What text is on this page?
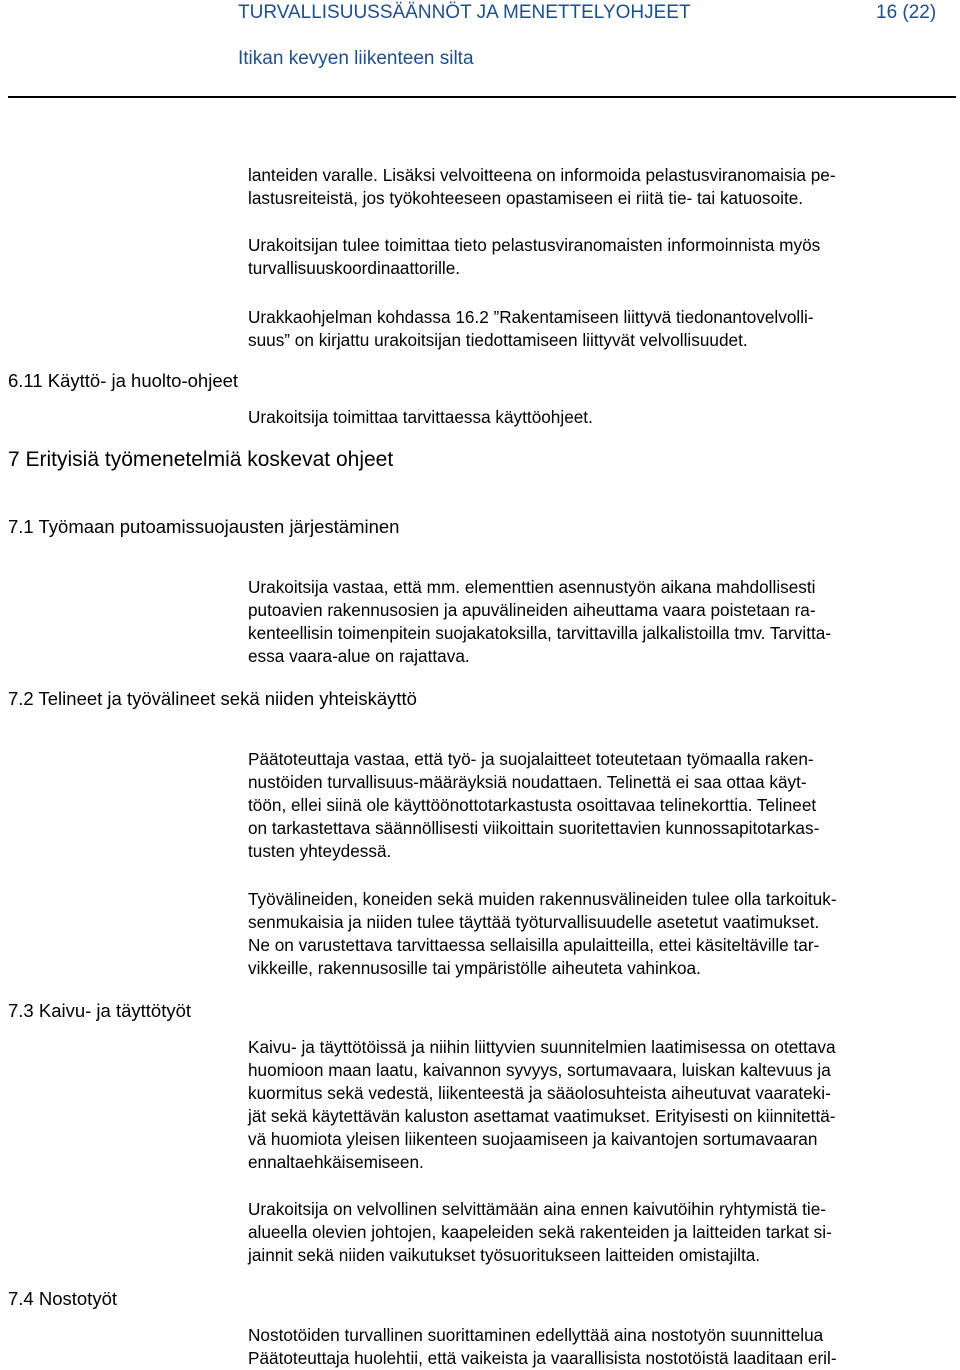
TURVALLISUUSSÄÄNNÖT JA MENETTELYOHJEET	16 (22)
Itikan kevyen liikenteen silta

lanteiden varalle. Lisäksi velvoitteena on informoida pelastusviranomaisia pe-
lastusreiteistä, jos työkohteeseen opastamiseen ei riitä tie- tai katuosoite.

Urakoitsijan tulee toimittaa tieto pelastusviranomaisten informoinnista myös
turvallisuuskoordinaattorille.

Urakkaohjelman kohdassa 16.2 ”Rakentamiseen liittyvä tiedonantovelvolli-
suus” on kirjattu urakoitsijan tiedottamiseen liittyvät velvollisuudet.

6.11 Käyttö- ja huolto-ohjeet

Urakoitsija toimittaa tarvittaessa käyttöohjeet.

7 Erityisiä työmenetelmiä koskevat ohjeet
7.1 Työmaan putoamissuojausten järjestäminen

Urakoitsija vastaa, että mm. elementtien asennustyön aikana mahdollisesti
putoavien rakennusosien ja apuvälineiden aiheuttama vaara poistetaan ra-
kenteellisin toimenpitein suojakatoksilla, tarvittavilla jalkalistoilla tmv. Tarvitta-
essa vaara-alue on rajattava.

7.2 Telineet ja työvälineet sekä niiden yhteiskäyttö

Päätoteuttaja vastaa, että työ- ja suojalaitteet toteutetaan työmaalla raken-
nustöiden turvallisuus-määräyksiä noudattaen. Telinettä ei saa ottaa käyt-
töön, ellei siinä ole käyttöönottotarkastusta osoittavaa telinekorttia. Telineet
on tarkastettava säännöllisesti viikoittain suoritettavien kunnossapitotarkas-
tusten yhteydessä.

Työvälineiden, koneiden sekä muiden rakennusvälineiden tulee olla tarkoituk-
senmukaisia ja niiden tulee täyttää työturvallisuudelle asetetut vaatimukset.
Ne on varustettava tarvittaessa sellaisilla apulaitteilla, ettei käsiteltäville tar-
vikkeille, rakennusosille tai ympäristölle aiheuteta vahinkoa.

7.3 Kaivu- ja täyttötyöt

Kaivu- ja täyttötöissä ja niihin liittyvien suunnitelmien laatimisessa on otettava
huomioon maan laatu, kaivannon syvyys, sortumavaara, luiskan kaltevuus ja
kuormitus sekä vedestä, liikenteestä ja sääolosuhteista aiheutuvat vaarateki-
jät sekä käytettävän kaluston asettamat vaatimukset. Erityisesti on kiinnitettä-
vä huomiota yleisen liikenteen suojaamiseen ja kaivantojen sortumavaaran
ennaltaehkäisemiseen.

Urakoitsija on velvollinen selvittämään aina ennen kaivutöihin ryhtymistä tie-
alueella olevien johtojen, kaapeleiden sekä rakenteiden ja laitteiden tarkat si-
jainnit sekä niiden vaikutukset työsuoritukseen laitteiden omistajilta.

7.4 Nostotyöt

Nostotöiden turvallinen suorittaminen edellyttää aina nostotyön suunnittelua
Päätoteuttaja huolehtii, että vaikeista ja vaarallisista nostotöistä laaditaan eril-
